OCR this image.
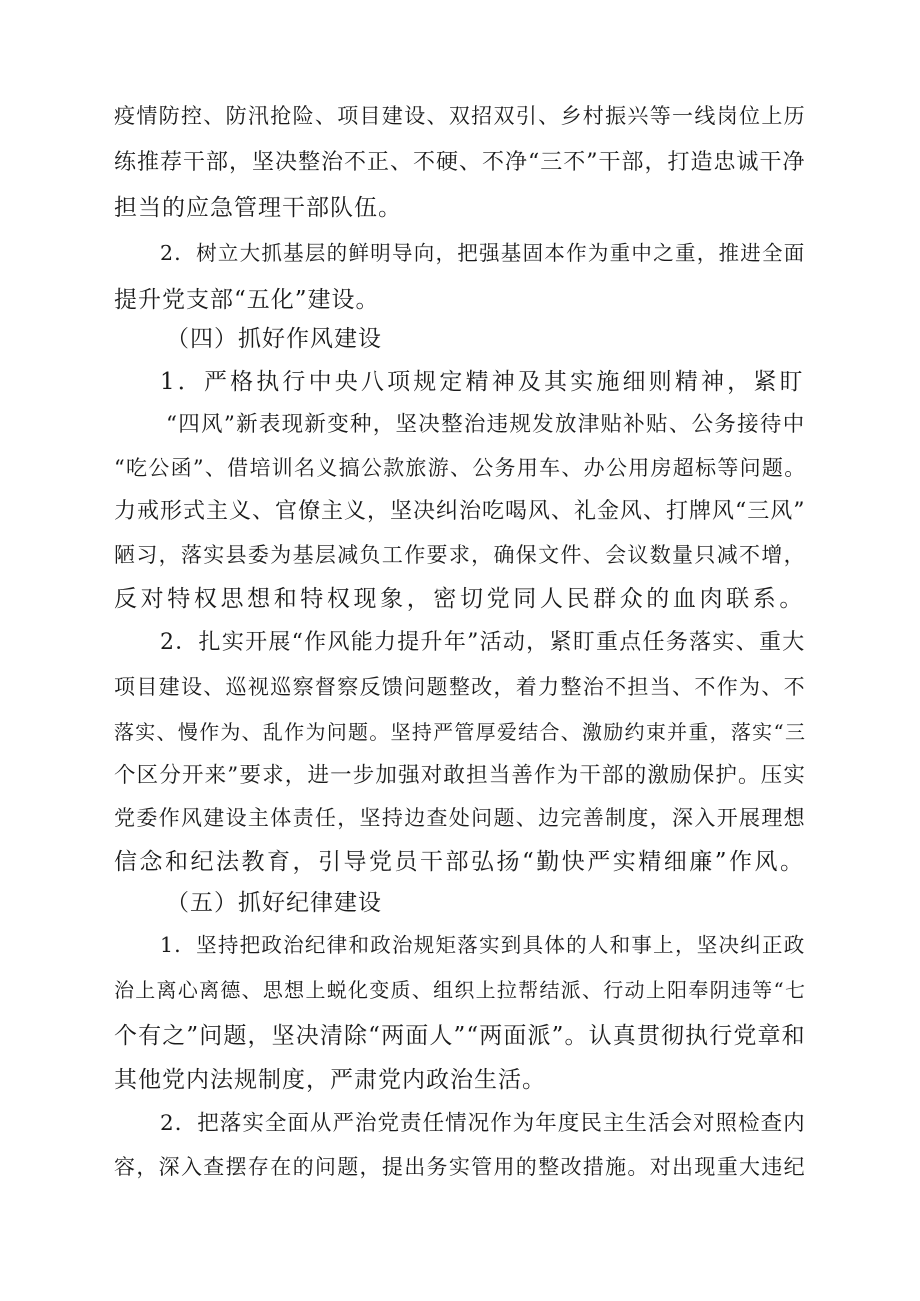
疫情防控、防汛抢险、项目建设、双招双引、乡村振兴等一线岗位上历
练推荐干部，坚决整治不正、不硬、不净“三不”干部，打造忠诚干净
担当的应急管理干部队伍。
2．树立大抓基层的鲜明导向，把强基固本作为重中之重，推进全面
提升党支部“五化”建设。
（四）抓好作风建设
1．严格执行中央八项规定精神及其实施细则精神，紧盯
“四风”新表现新变种，坚决整治违规发放津贴补贴、公务接待中
“吃公函”、借培训名义搞公款旅游、公务用车、办公用房超标等问题。
力戒形式主义、官僚主义，坚决纠治吃喝风、礼金风、打牌风“三风”
陋习，落实县委为基层减负工作要求，确保文件、会议数量只减不增，
反对特权思想和特权现象，密切党同人民群众的血肉联系。
2．扎实开展“作风能力提升年”活动，紧盯重点任务落实、重大
项目建设、巡视巡察督察反馈问题整改，着力整治不担当、不作为、不
落实、慢作为、乱作为问题。坚持严管厚爱结合、激励约束并重，落实“三
个区分开来”要求，进一步加强对敢担当善作为干部的激励保护。压实
党委作风建设主体责任，坚持边查处问题、边完善制度，深入开展理想
信念和纪法教育，引导党员干部弘扬“勤快严实精细廉”作风。
（五）抓好纪律建设
1．坚持把政治纪律和政治规矩落实到具体的人和事上，坚决纠正政
治上离心离德、思想上蜕化变质、组织上拉帮结派、行动上阳奉阴违等“七
个有之”问题，坚决清除“两面人”“两面派”。认真贯彻执行党章和
其他党内法规制度，严肃党内政治生活。
2．把落实全面从严治党责任情况作为年度民主生活会对照检查内
容，深入查摆存在的问题，提出务实管用的整改措施。对出现重大违纪
